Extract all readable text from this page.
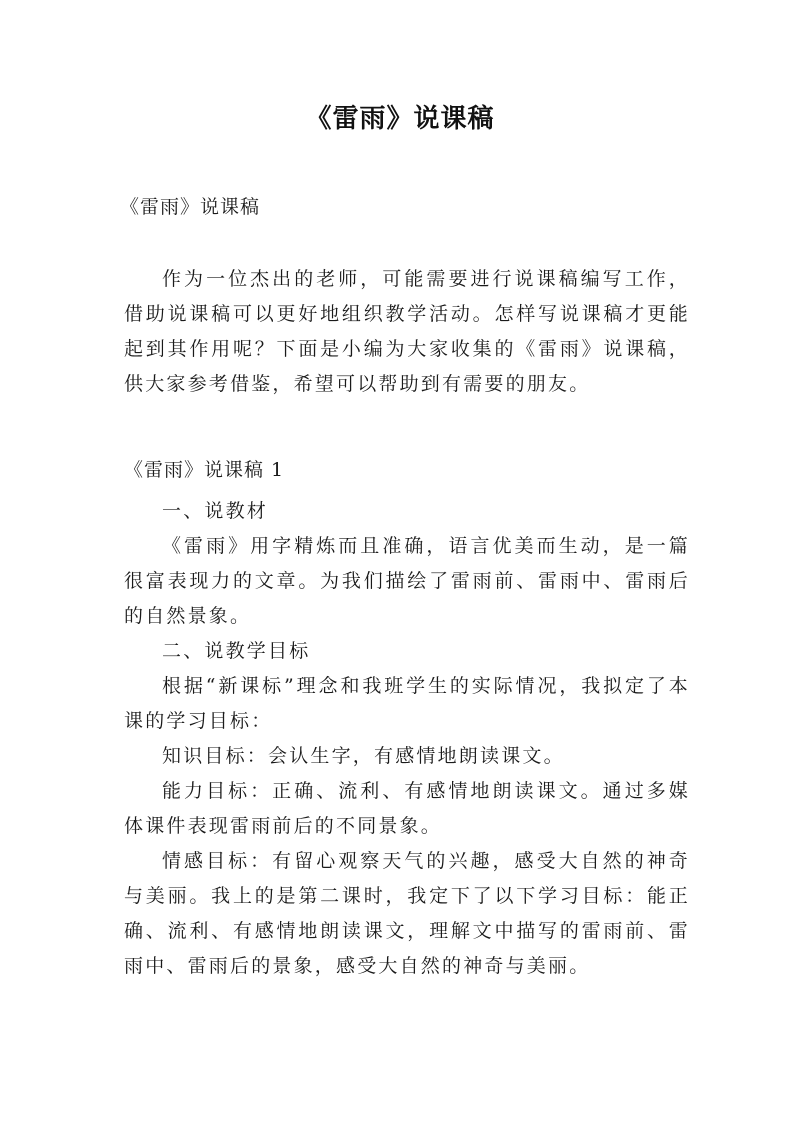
《雷雨》说课稿
《雷雨》说课稿

作为一位杰出的老师，可能需要进行说课稿编写工作，借助说课稿可以更好地组织教学活动。怎样写说课稿才更能起到其作用呢？下面是小编为大家收集的《雷雨》说课稿，供大家参考借鉴，希望可以帮助到有需要的朋友。

《雷雨》说课稿 1

一、说教材

《雷雨》用字精炼而且准确，语言优美而生动，是一篇很富表现力的文章。为我们描绘了雷雨前、雷雨中、雷雨后的自然景象。

二、说教学目标

根据“新课标”理念和我班学生的实际情况，我拟定了本课的学习目标：

知识目标：会认生字，有感情地朗读课文。

能力目标：正确、流利、有感情地朗读课文。通过多媒体课件表现雷雨前后的不同景象。

情感目标：有留心观察天气的兴趣，感受大自然的神奇与美丽。我上的是第二课时，我定下了以下学习目标：能正确、流利、有感情地朗读课文，理解文中描写的雷雨前、雷雨中、雷雨后的景象，感受大自然的神奇与美丽。
